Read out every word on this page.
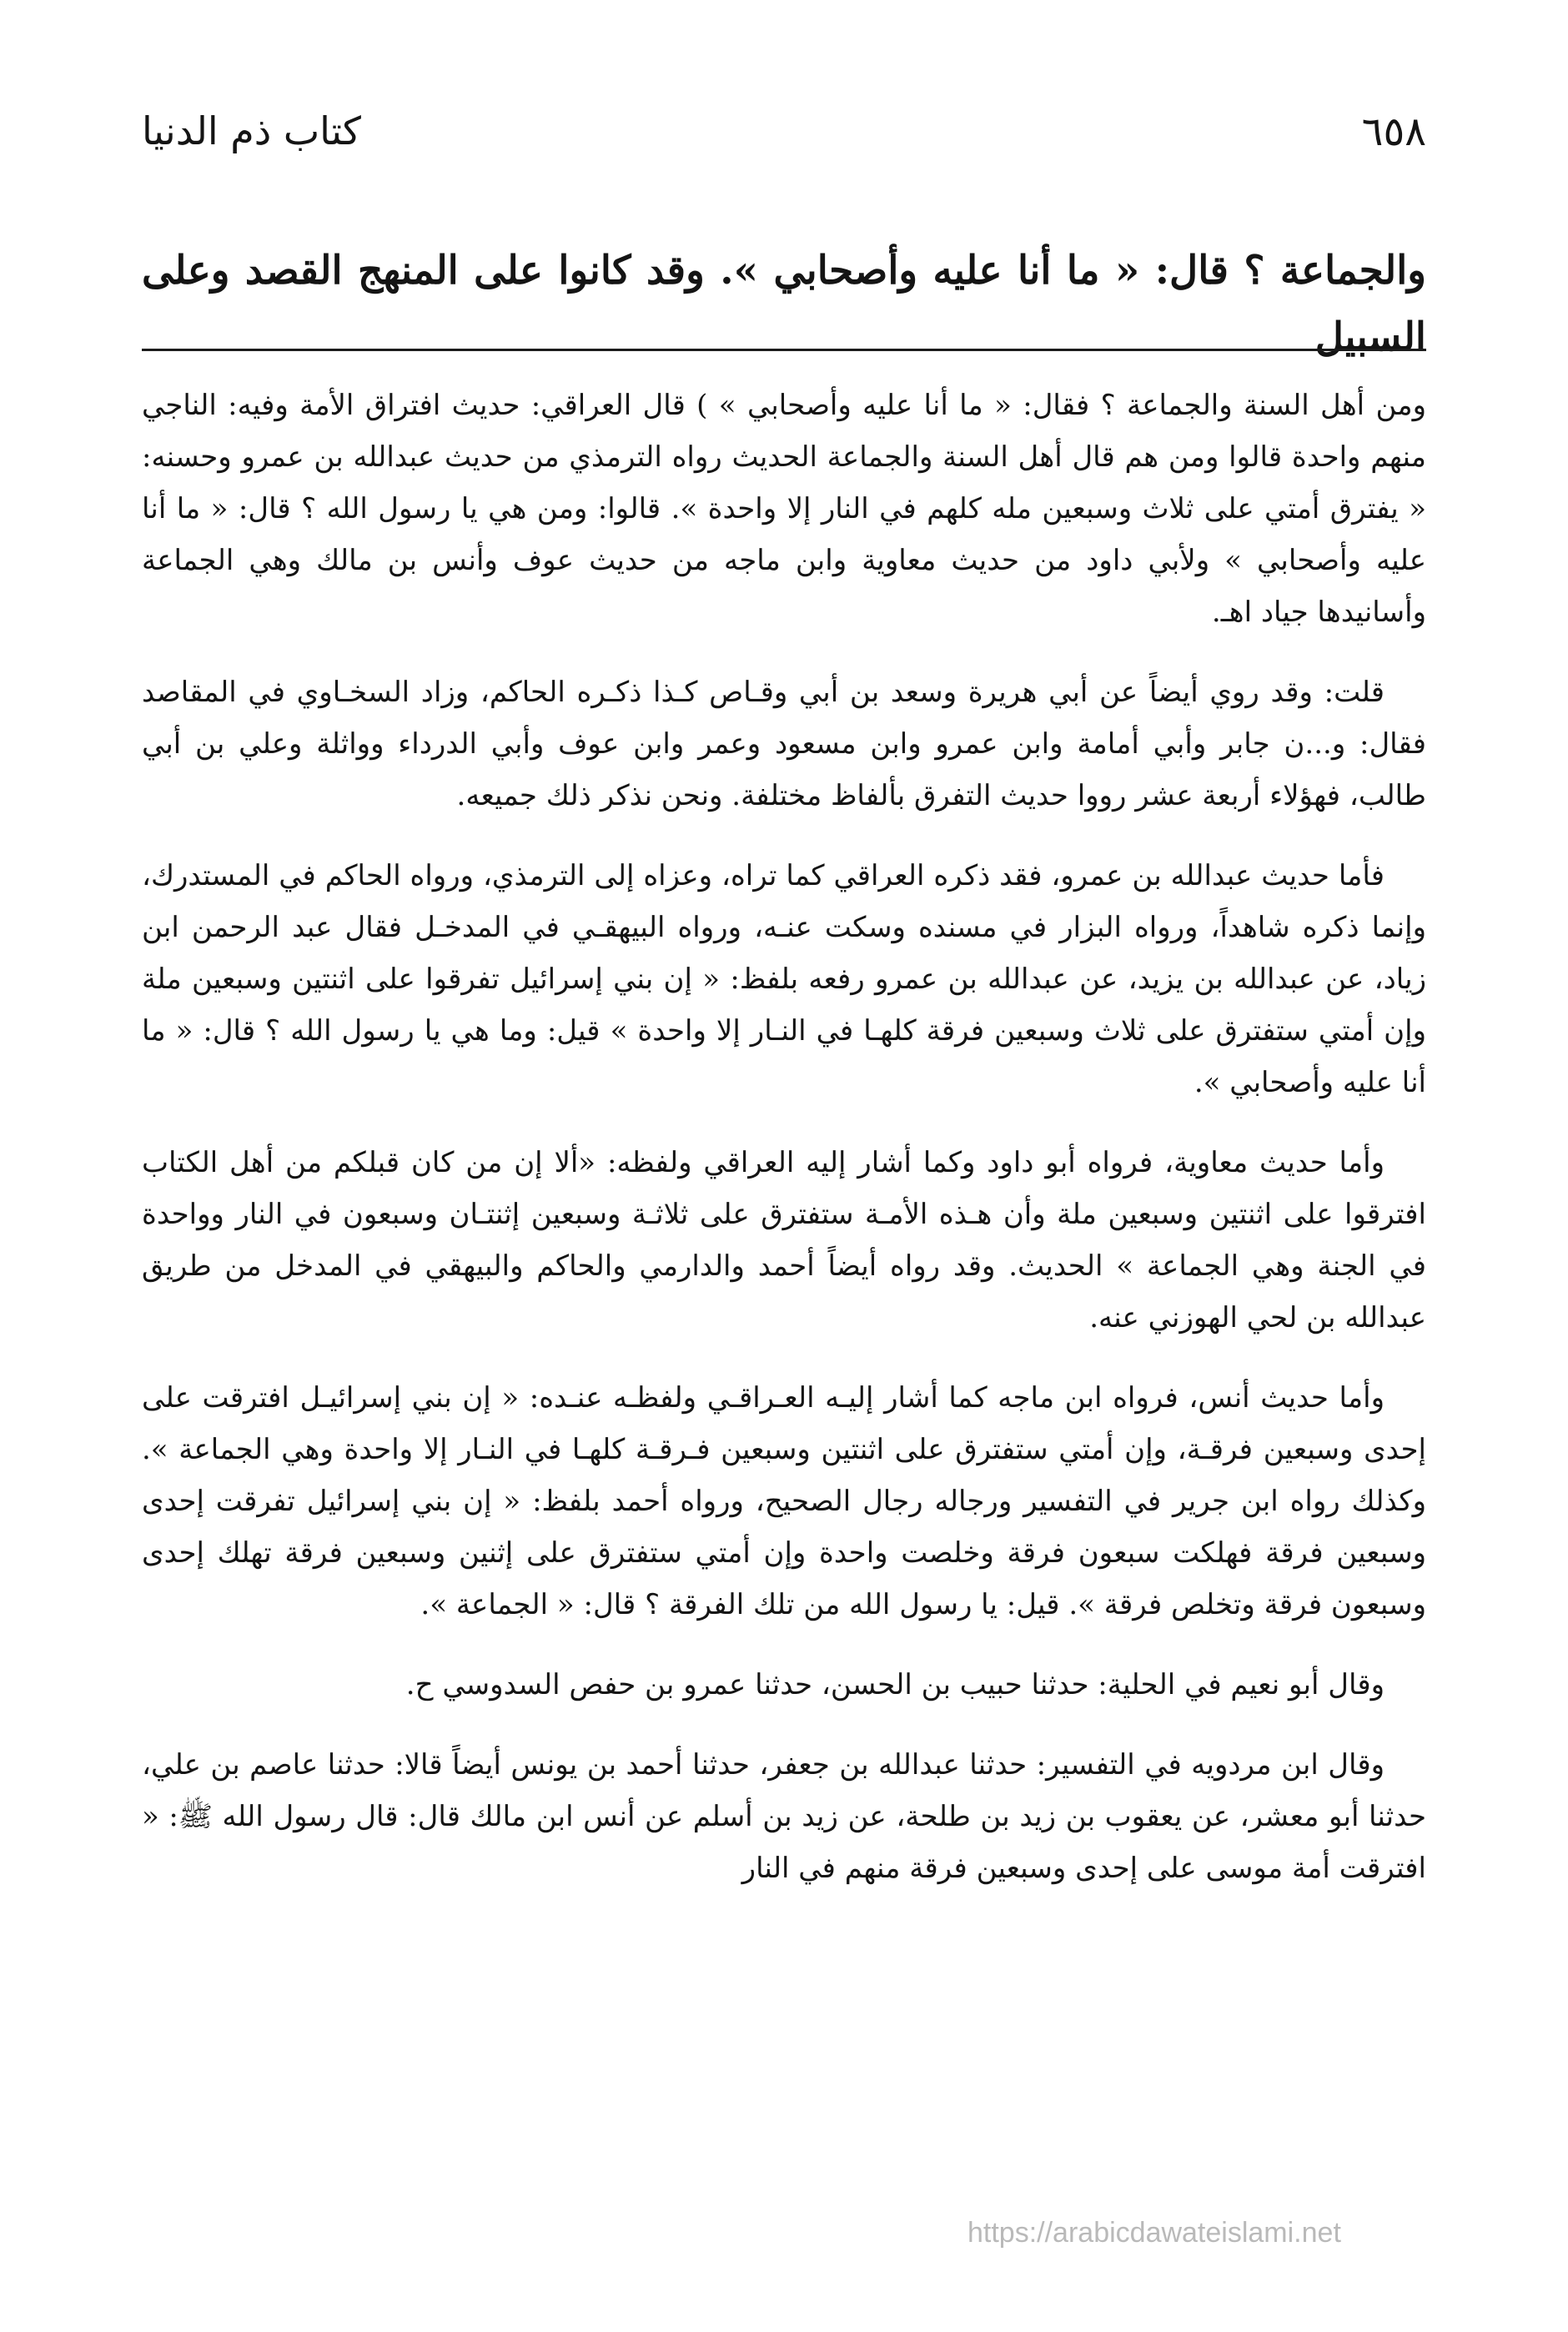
٦٥٨
كتاب ذم الدنيا
والجماعة ؟ قال: « ما أنا عليه وأصحابي ». وقد كانوا على المنهج القصد وعلى السبيل

ومن أهل السنة والجماعة ؟ فقال: « ما أنا عليه وأصحابي » ) قال العراقي: حديث افتراق الأمة وفيه: الناجي منهم واحدة قالوا ومن هم قال أهل السنة والجماعة الحديث رواه الترمذي من حديث عبدالله بن عمرو وحسنه: « يفترق أمتي على ثلاث وسبعين مله كلهم في النار إلا واحدة ». قالوا: ومن هي يا رسول الله ؟ قال: « ما أنا عليه وأصحابي » ولأبي داود من حديث معاوية وابن ماجه من حديث عوف وأنس بن مالك وهي الجماعة وأسانيدها جياد اهـ.

قلت: وقد روي أيضاً عن أبي هريرة وسعد بن أبي وقـاص كـذا ذكـره الحاكم، وزاد السخـاوي في المقاصد فقال: و...ن جابر وأبي أمامة وابن عمرو وابن مسعود وعمر وابن عوف وأبي الدرداء وواثلة وعلي بن أبي طالب، فهؤلاء أربعة عشر رووا حديث التفرق بألفاظ مختلفة. ونحن نذكر ذلك جميعه.

فأما حديث عبدالله بن عمرو، فقد ذكره العراقي كما تراه، وعزاه إلى الترمذي، ورواه الحاكم في المستدرك، وإنما ذكره شاهداً، ورواه البزار في مسنده وسكت عنـه، ورواه البيهقـي في المدخـل فقال عبد الرحمن ابن زياد، عن عبدالله بن يزيد، عن عبدالله بن عمرو رفعه بلفظ: « إن بني إسرائيل تفرقوا على اثنتين وسبعين ملة وإن أمتي ستفترق على ثلاث وسبعين فرقة كلهـا في النـار إلا واحدة » قيل: وما هي يا رسول الله ؟ قال: « ما أنا عليه وأصحابي ».

وأما حديث معاوية، فرواه أبو داود وكما أشار إليه العراقي ولفظه: «ألا إن من كان قبلكم من أهل الكتاب افترقوا على اثنتين وسبعين ملة وأن هـذه الأمـة ستفترق على ثلاثـة وسبعين إثنتـان وسبعون في النار وواحدة في الجنة وهي الجماعة » الحديث. وقد رواه أيضاً أحمد والدارمي والحاكم والبيهقي في المدخل من طريق عبدالله بن لحي الهوزني عنه.

وأما حديث أنس، فرواه ابن ماجه كما أشار إليـه العـراقـي ولفظـه عنـده: « إن بني إسرائيـل افترقت على إحدى وسبعين فرقـة، وإن أمتي ستفترق على اثنتين وسبعين فـرقـة كلهـا في النـار إلا واحدة وهي الجماعة ». وكذلك رواه ابن جرير في التفسير ورجاله رجال الصحيح، ورواه أحمد بلفظ: « إن بني إسرائيل تفرقت إحدى وسبعين فرقة فهلكت سبعون فرقة وخلصت واحدة وإن أمتي ستفترق على إثنين وسبعين فرقة تهلك إحدى وسبعون فرقة وتخلص فرقة ». قيل: يا رسول الله من تلك الفرقة ؟ قال: « الجماعة ».

وقال أبو نعيم في الحلية: حدثنا حبيب بن الحسن، حدثنا عمرو بن حفص السدوسي ح.

وقال ابن مردويه في التفسير: حدثنا عبدالله بن جعفر، حدثنا أحمد بن يونس أيضاً قالا: حدثنا عاصم بن علي، حدثنا أبو معشر، عن يعقوب بن زيد بن طلحة، عن زيد بن أسلم عن أنس ابن مالك قال: قال رسول الله ﷺ: « افترقت أمة موسى على إحدى وسبعين فرقة منهم في النار

https://arabicdawateislami.net
